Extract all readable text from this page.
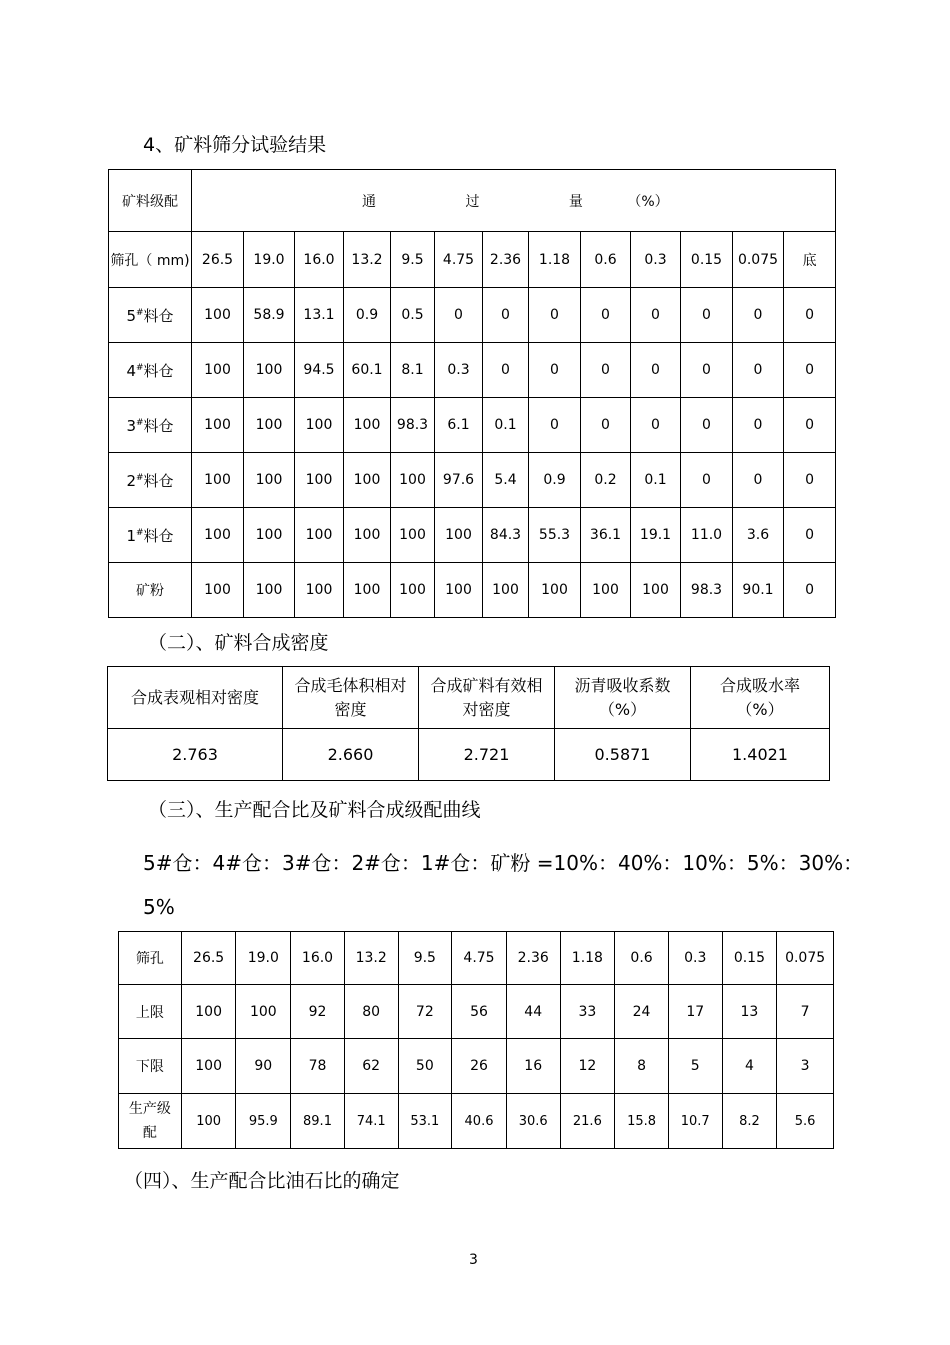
4、矿料筛分试验结果
矿料级配	通 过 量 （%）												
筛孔（ mm)	26.5	19.0	16.0	13.2	9.5	4.75	2.36	1.18	0.6	0.3	0.15	0.075	底
5#料仓	100	58.9	13.1	0.9	0.5	0	0	0	0	0	0	0	0
4#料仓	100	100	94.5	60.1	8.1	0.3	0	0	0	0	0	0	0
3#料仓	100	100	100	100	98.3	6.1	0.1	0	0	0	0	0	0
2#料仓	100	100	100	100	100	97.6	5.4	0.9	0.2	0.1	0	0	0
1#料仓	100	100	100	100	100	100	84.3	55.3	36.1	19.1	11.0	3.6	0
矿粉	100	100	100	100	100	100	100	100	100	100	98.3	90.1	0
（二）、矿料合成密度
合成表观相对密度	合成毛体积相对密度	合成矿料有效相对密度	沥青吸收系数（%）	合成吸水率（%）
2.763	2.660	2.721	0.5871	1.4021
（三）、生产配合比及矿料合成级配曲线
5#仓：4#仓：3#仓：2#仓：1#仓：矿粉 =10%：40%：10%：5%：30%：
5%
筛孔	26.5	19.0	16.0	13.2	9.5	4.75	2.36	1.18	0.6	0.3	0.15	0.075
上限	100	100	92	80	72	56	44	33	24	17	13	7
下限	100	90	78	62	50	26	16	12	8	5	4	3
生产级配	100	95.9	89.1	74.1	53.1	40.6	30.6	21.6	15.8	10.7	8.2	5.6
（四）、生产配合比油石比的确定
3
